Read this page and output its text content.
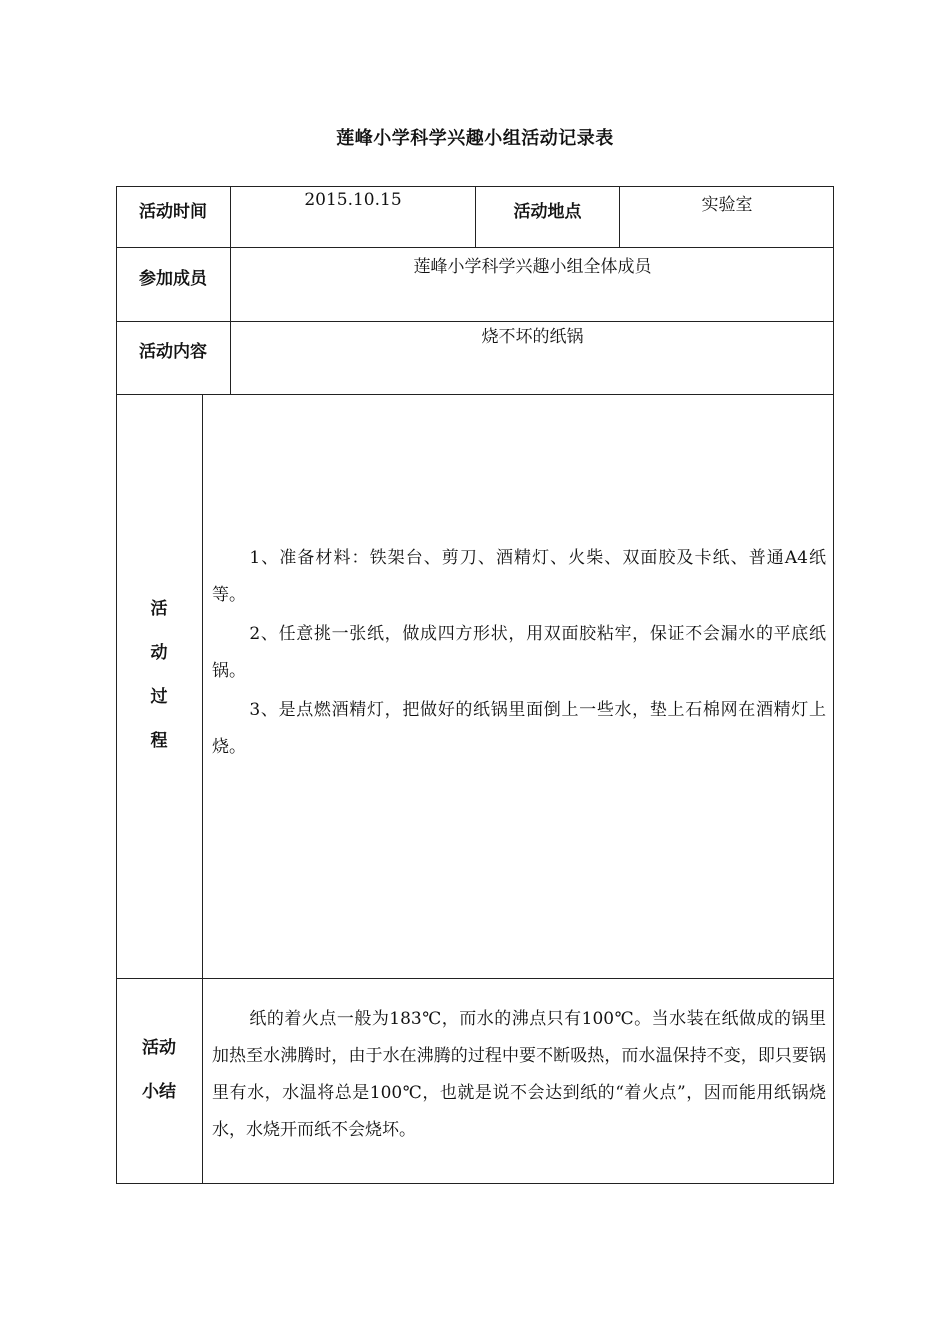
莲峰小学科学兴趣小组活动记录表
活动时间
2015.10.15
活动地点	实验室
参加成员
莲峰小学科学兴趣小组全体成员
活动内容
烧不坏的纸锅
活
动
过
程

1、准备材料：铁架台、剪刀、酒精灯、火柴、双面胶及卡纸、普通A4纸等。

2、任意挑一张纸，做成四方形状，用双面胶粘牢，保证不会漏水的平底纸锅。

3、是点燃酒精灯，把做好的纸锅里面倒上一些水，垫上石棉网在酒精灯上烧。

活动
小结

纸的着火点一般为183℃，而水的沸点只有100℃。当水装在纸做成的锅里加热至水沸腾时，由于水在沸腾的过程中要不断吸热，而水温保持不变，即只要锅里有水，水温将总是100℃，也就是说不会达到纸的“着火点”，因而能用纸锅烧水，水烧开而纸不会烧坏。
